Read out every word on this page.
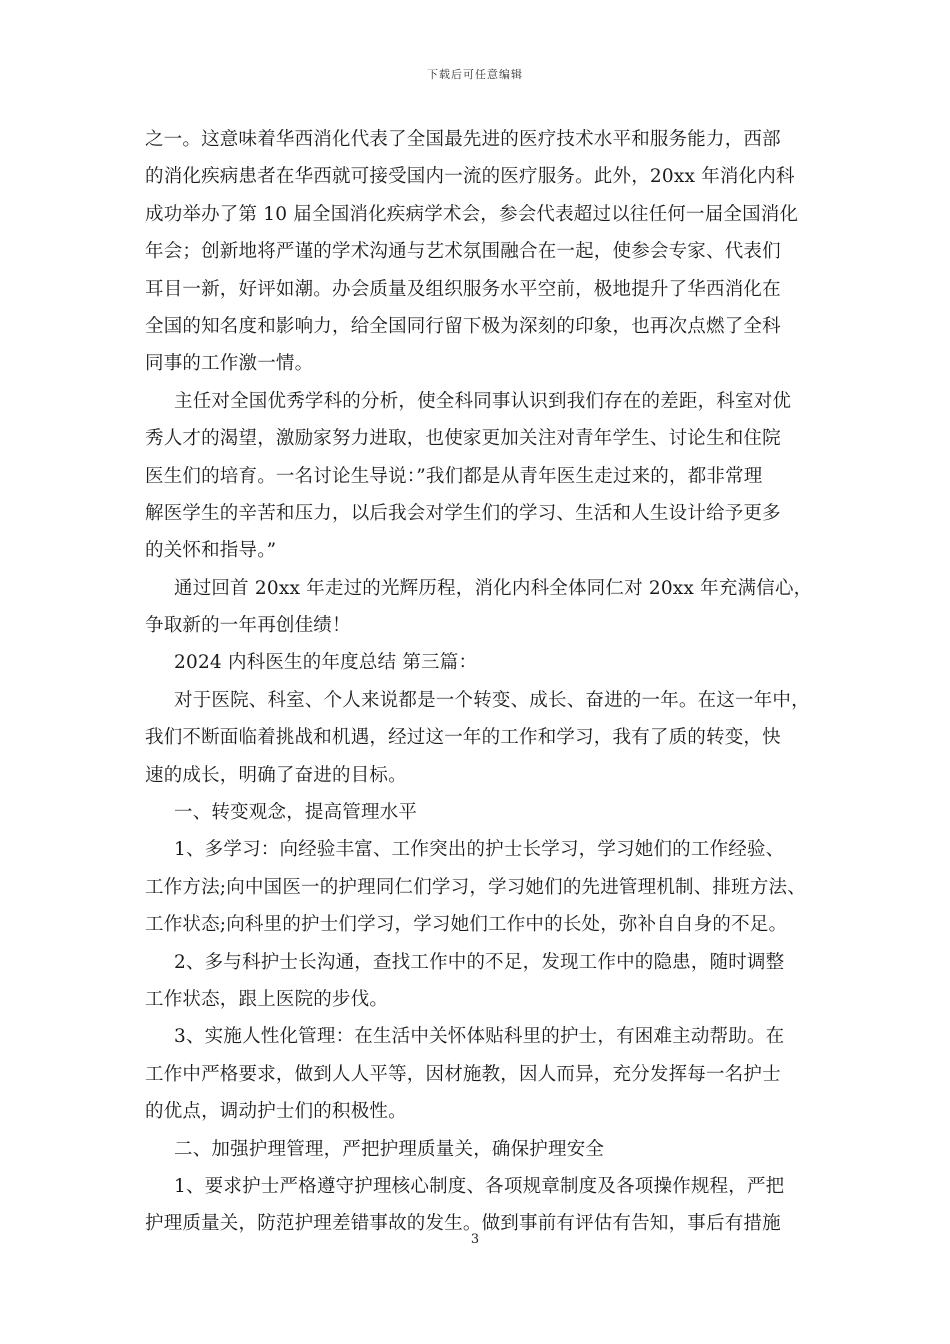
下载后可任意编辑
之一。这意味着华西消化代表了全国最先进的医疗技术水平和服务能力，西部
的消化疾病患者在华西就可接受国内一流的医疗服务。此外，20xx 年消化内科
成功举办了第 10 届全国消化疾病学术会，参会代表超过以往任何一届全国消化
年会；创新地将严谨的学术沟通与艺术氛围融合在一起，使参会专家、代表们
耳目一新，好评如潮。办会质量及组织服务水平空前，极地提升了华西消化在
全国的知名度和影响力，给全国同行留下极为深刻的印象，也再次点燃了全科
同事的工作激一情。
主任对全国优秀学科的分析，使全科同事认识到我们存在的差距，科室对优
秀人才的渴望，激励家努力进取，也使家更加关注对青年学生、讨论生和住院
医生们的培育。一名讨论生导说：”我们都是从青年医生走过来的，都非常理
解医学生的辛苦和压力，以后我会对学生们的学习、生活和人生设计给予更多
的关怀和指导。”
通过回首 20xx 年走过的光辉历程，消化内科全体同仁对 20xx 年充满信心，
争取新的一年再创佳绩！
2024 内科医生的年度总结 第三篇：
对于医院、科室、个人来说都是一个转变、成长、奋进的一年。在这一年中，
我们不断面临着挑战和机遇，经过这一年的工作和学习，我有了质的转变，快
速的成长，明确了奋进的目标。
一、转变观念，提高管理水平
1、多学习：向经验丰富、工作突出的护士长学习，学习她们的工作经验、
工作方法;向中国医一的护理同仁们学习，学习她们的先进管理机制、排班方法、
工作状态;向科里的护士们学习，学习她们工作中的长处，弥补自自身的不足。
2、多与科护士长沟通，查找工作中的不足，发现工作中的隐患，随时调整
工作状态，跟上医院的步伐。
3、实施人性化管理：在生活中关怀体贴科里的护士，有困难主动帮助。在
工作中严格要求，做到人人平等，因材施教，因人而异，充分发挥每一名护士
的优点，调动护士们的积极性。
二、加强护理管理，严把护理质量关，确保护理安全
1、要求护士严格遵守护理核心制度、各项规章制度及各项操作规程，严把
护理质量关，防范护理差错事故的发生。做到事前有评估有告知，事后有措施
3
